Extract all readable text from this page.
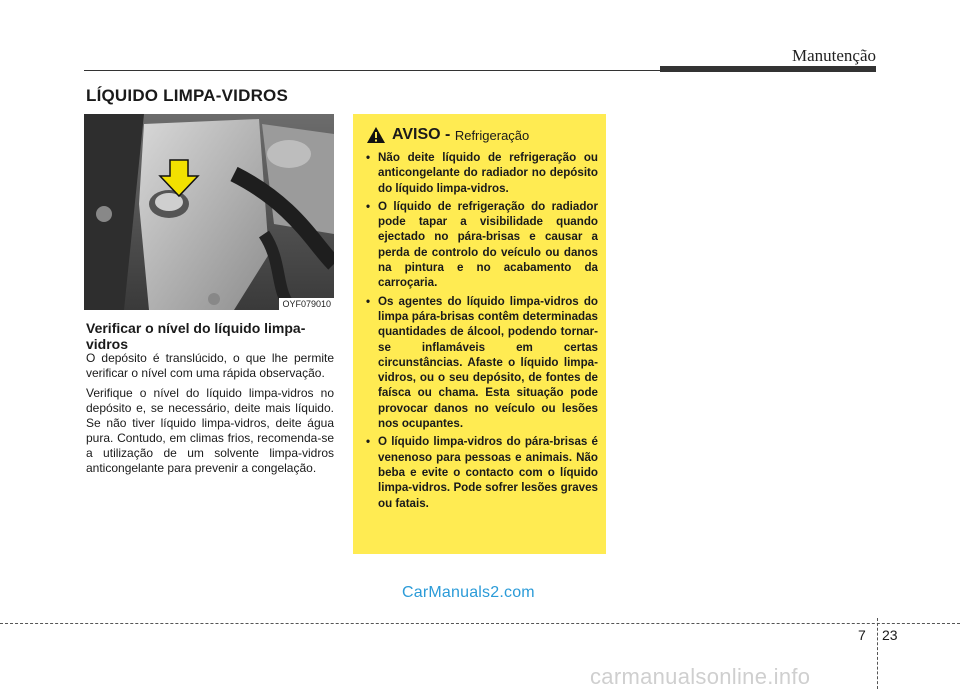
Manutenção
LÍQUIDO LIMPA-VIDROS
OYF079010
Verificar o nível do líquido limpa-vidros

O depósito é translúcido, o que lhe permite verificar o nível com uma rápida observação.

Verifique o nível do líquido limpa-vidros no depósito e, se necessário, deite mais líquido. Se não tiver líquido limpa-vidros, deite água pura. Contudo, em climas frios, recomenda-se a utilização de um solvente limpa-vidros anticongelante para prevenir a congelação.

AVISO -
Refrigeração
• Não deite líquido de refrigeração ou anticongelante do radiador no depósito do líquido limpa-vidros.
• O líquido de refrigeração do radiador pode tapar a visibilidade quando ejectado no pára-brisas e causar a perda de controlo do veículo ou danos na pintura e no acabamento da carroçaria.
• Os agentes do líquido limpa-vidros do limpa pára-brisas contêm determinadas quantidades de álcool, podendo tornar-se inflamáveis em certas circunstâncias. Afaste o líquido limpa-vidros, ou o seu depósito, de fontes de faísca ou chama. Esta situação pode provocar danos no veículo ou lesões nos ocupantes.
• O líquido limpa-vidros do pára-brisas é venenoso para pessoas e animais. Não beba e evite o contacto com o líquido limpa-vidros. Pode sofrer lesões graves ou fatais.
CarManuals2.com
7 23
carmanualsonline.info
